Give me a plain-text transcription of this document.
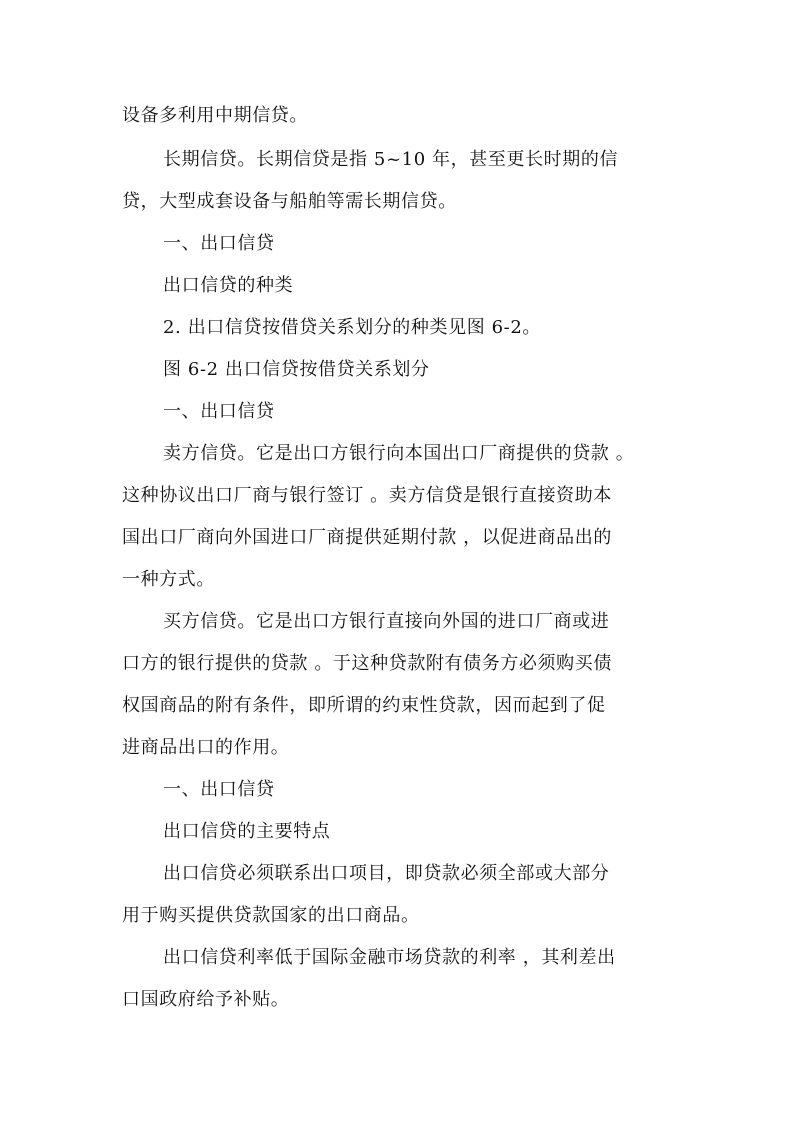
设备多利用中期信贷。
长期信贷。长期信贷是指 5~10 年，甚至更长时期的信
贷，大型成套设备与船舶等需长期信贷。
一、出口信贷
出口信贷的种类
2. 出口信贷按借贷关系划分的种类见图 6-2。
图 6-2 出口信贷按借贷关系划分
一、出口信贷
卖方信贷。它是出口方银行向本国出口厂商提供的贷款 。
这种协议出口厂商与银行签订 。卖方信贷是银行直接资助本
国出口厂商向外国进口厂商提供延期付款 ，以促进商品出的
一种方式。
买方信贷。它是出口方银行直接向外国的进口厂商或进
口方的银行提供的贷款 。于这种贷款附有债务方必须购买债
权国商品的附有条件，即所谓的约束性贷款，因而起到了促
进商品出口的作用。
一、出口信贷
出口信贷的主要特点
出口信贷必须联系出口项目，即贷款必须全部或大部分
用于购买提供贷款国家的出口商品。
出口信贷利率低于国际金融市场贷款的利率 ，其利差出
口国政府给予补贴。
